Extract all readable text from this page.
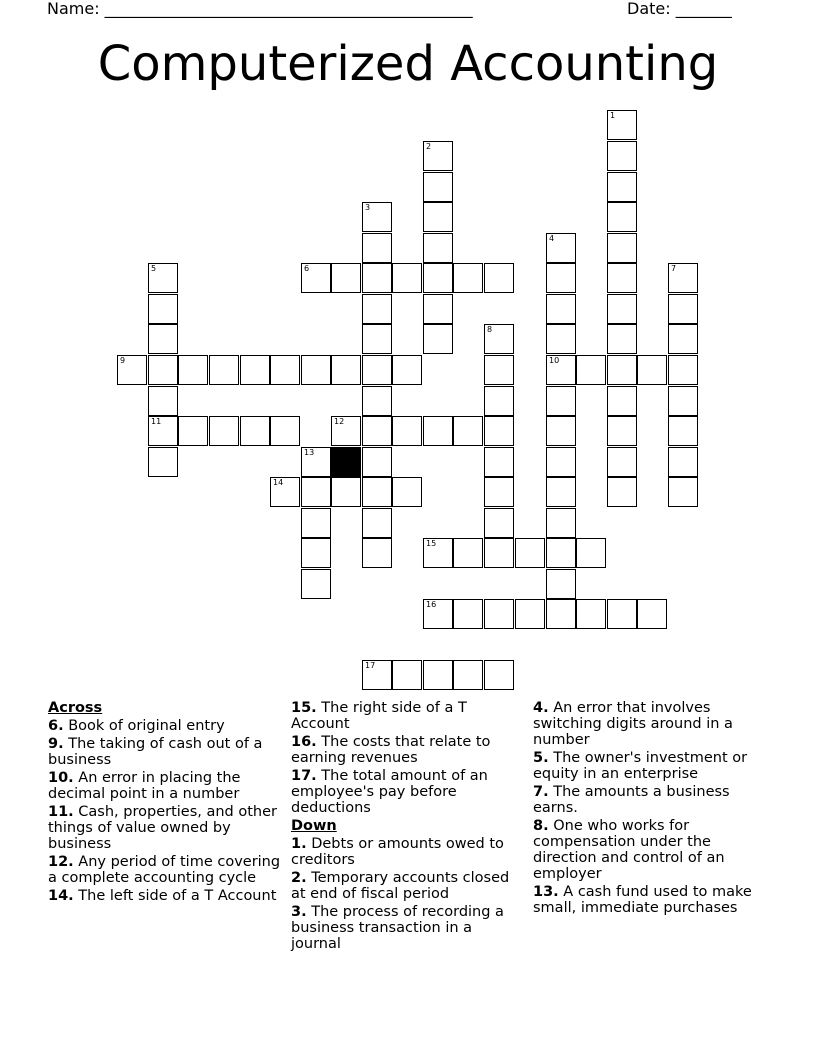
Name: ______________________________________________	Date: _______
Computerized Accounting
1
2
3
4
5	6	7
8
9	10
11	12
13
14
15
16
17
Across
6. Book of original entry
9. The taking of cash out of a business
10. An error in placing the decimal point in a number
11. Cash, properties, and other things of value owned by business
12. Any period of time covering a complete accounting cycle
14. The left side of a T Account
15. The right side of a T Account
16. The costs that relate to earning revenues
17. The total amount of an employee's pay before deductions
Down
1. Debts or amounts owed to creditors
2. Temporary accounts closed at end of fiscal period
3. The process of recording a business transaction in a journal
4. An error that involves switching digits around in a number
5. The owner's investment or equity in an enterprise
7. The amounts a business earns.
8. One who works for compensation under the direction and control of an employer
13. A cash fund used to make small, immediate purchases
